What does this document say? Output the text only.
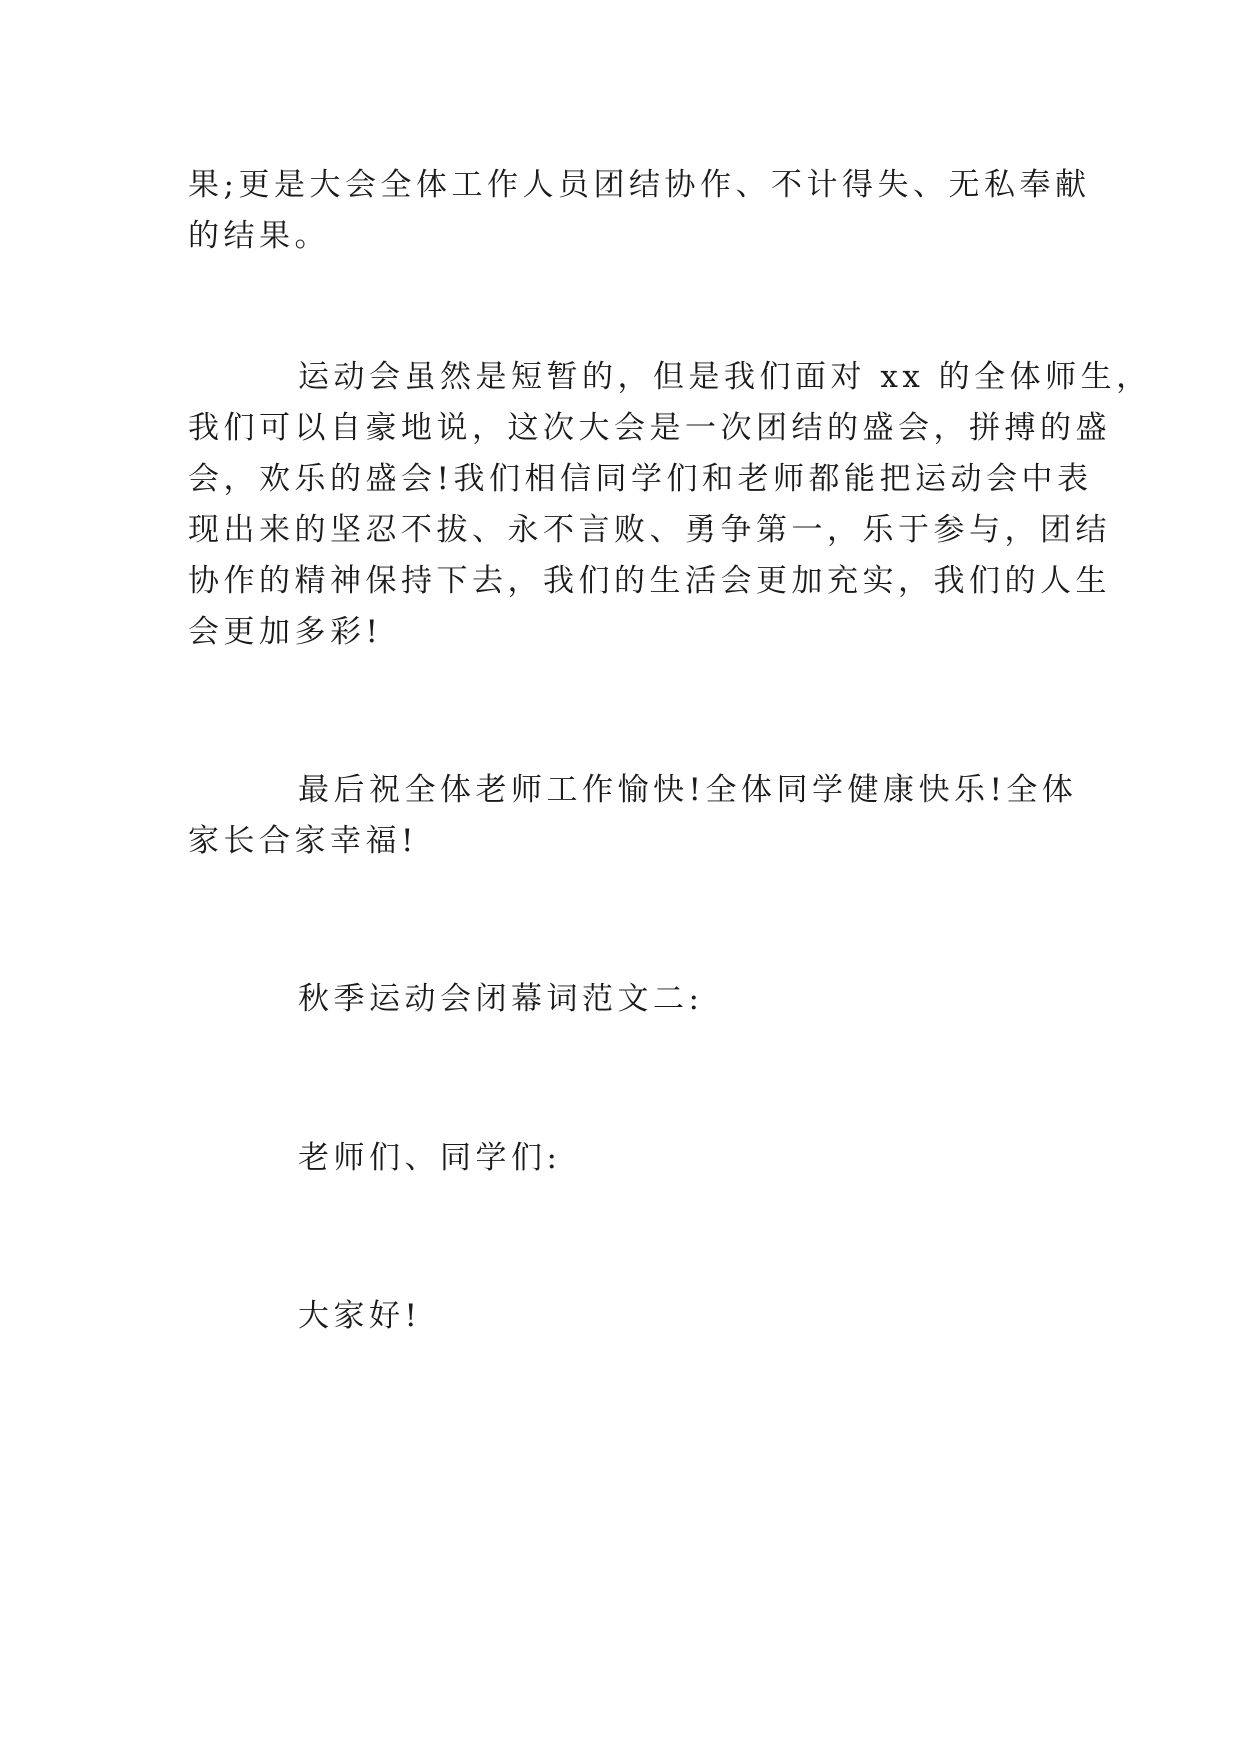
果;更是大会全体工作人员团结协作、不计得失、无私奉献
的结果。

运动会虽然是短暂的，但是我们面对 xx 的全体师生，
我们可以自豪地说，这次大会是一次团结的盛会，拼搏的盛
会，欢乐的盛会!我们相信同学们和老师都能把运动会中表
现出来的坚忍不拔、永不言败、勇争第一，乐于参与，团结
协作的精神保持下去，我们的生活会更加充实，我们的人生
会更加多彩!

最后祝全体老师工作愉快!全体同学健康快乐!全体
家长合家幸福!

秋季运动会闭幕词范文二:

老师们、同学们:

大家好!
